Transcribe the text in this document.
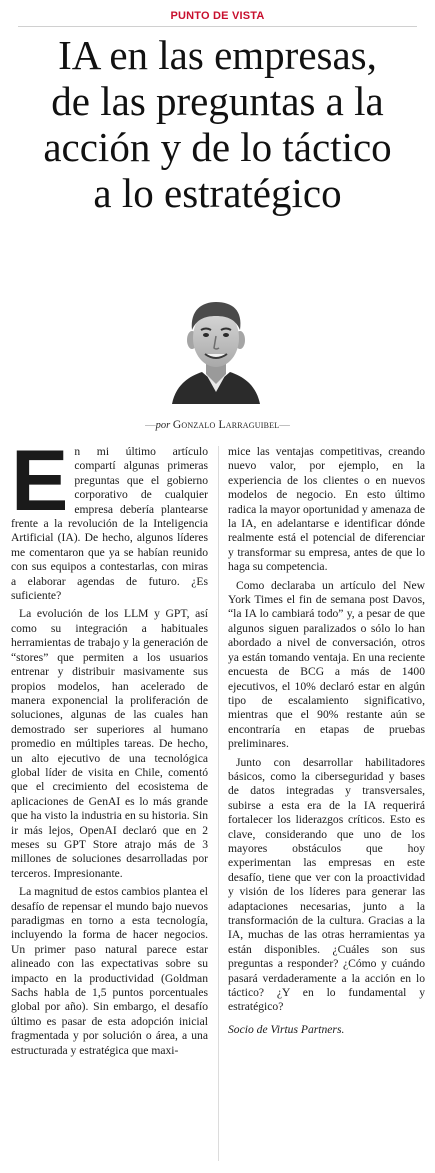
PUNTO DE VISTA
IA en las empresas,
de las preguntas a la
acción y de lo táctico
a lo estratégico
—por Gonzalo Larraguibel—

En mi último artículo compartí algunas primeras preguntas que el gobierno corporativo de cualquier empresa debería plantearse frente a la revolución de la Inteligencia Artificial (IA). De hecho, algunos líderes me comentaron que ya se habían reunido con sus equipos a contestarlas, con miras a elaborar agendas de futuro. ¿Es suficiente?

La evolución de los LLM y GPT, así como su integración a habituales herramientas de trabajo y la generación de “stores” que permiten a los usuarios entrenar y distribuir masivamente sus propios modelos, han acelerado de manera exponencial la proliferación de soluciones, algunas de las cuales han demostrado ser superiores al humano promedio en múltiples tareas. De hecho, un alto ejecutivo de una tecnológica global líder de visita en Chile, comentó que el crecimiento del ecosistema de aplicaciones de GenAI es lo más grande que ha visto la industria en su historia. Sin ir más lejos, OpenAI declaró que en 2 meses su GPT Store atrajo más de 3 millones de soluciones desarrolladas por terceros. Impresionante.

La magnitud de estos cambios plantea el desafío de repensar el mundo bajo nuevos paradigmas en torno a esta tecnología, incluyendo la forma de hacer negocios. Un primer paso natural parece estar alineado con las expectativas sobre su impacto en la productividad (Goldman Sachs habla de 1,5 puntos porcentuales global por año). Sin embargo, el desafío último es pasar de esta adopción inicial fragmentada y por solución o área, a una estructurada y estratégica que maxi-

mice las ventajas competitivas, creando nuevo valor, por ejemplo, en la experiencia de los clientes o en nuevos modelos de negocio. En esto último radica la mayor oportunidad y amenaza de la IA, en adelantarse e identificar dónde realmente está el potencial de diferenciar y transformar su empresa, antes de que lo haga su competencia.

Como declaraba un artículo del New York Times el fin de semana post Davos, “la IA lo cambiará todo” y, a pesar de que algunos siguen paralizados o sólo lo han abordado a nivel de conversación, otros ya están tomando ventaja. En una reciente encuesta de BCG a más de 1400 ejecutivos, el 10% declaró estar en algún tipo de escalamiento significativo, mientras que el 90% restante aún se encontraría en etapas de pruebas preliminares.

Junto con desarrollar habilitadores básicos, como la ciberseguridad y bases de datos integradas y transversales, subirse a esta era de la IA requerirá fortalecer los liderazgos críticos. Esto es clave, considerando que uno de los mayores obstáculos que hoy experimentan las empresas en este desafío, tiene que ver con la proactividad y visión de los líderes para generar las adaptaciones necesarias, junto a la transformación de la cultura. Gracias a la IA, muchas de las otras herramientas ya están disponibles. ¿Cuáles son sus preguntas a responder? ¿Cómo y cuándo pasará verdaderamente a la acción en lo táctico? ¿Y en lo fundamental y estratégico?

Socio de Virtus Partners.
